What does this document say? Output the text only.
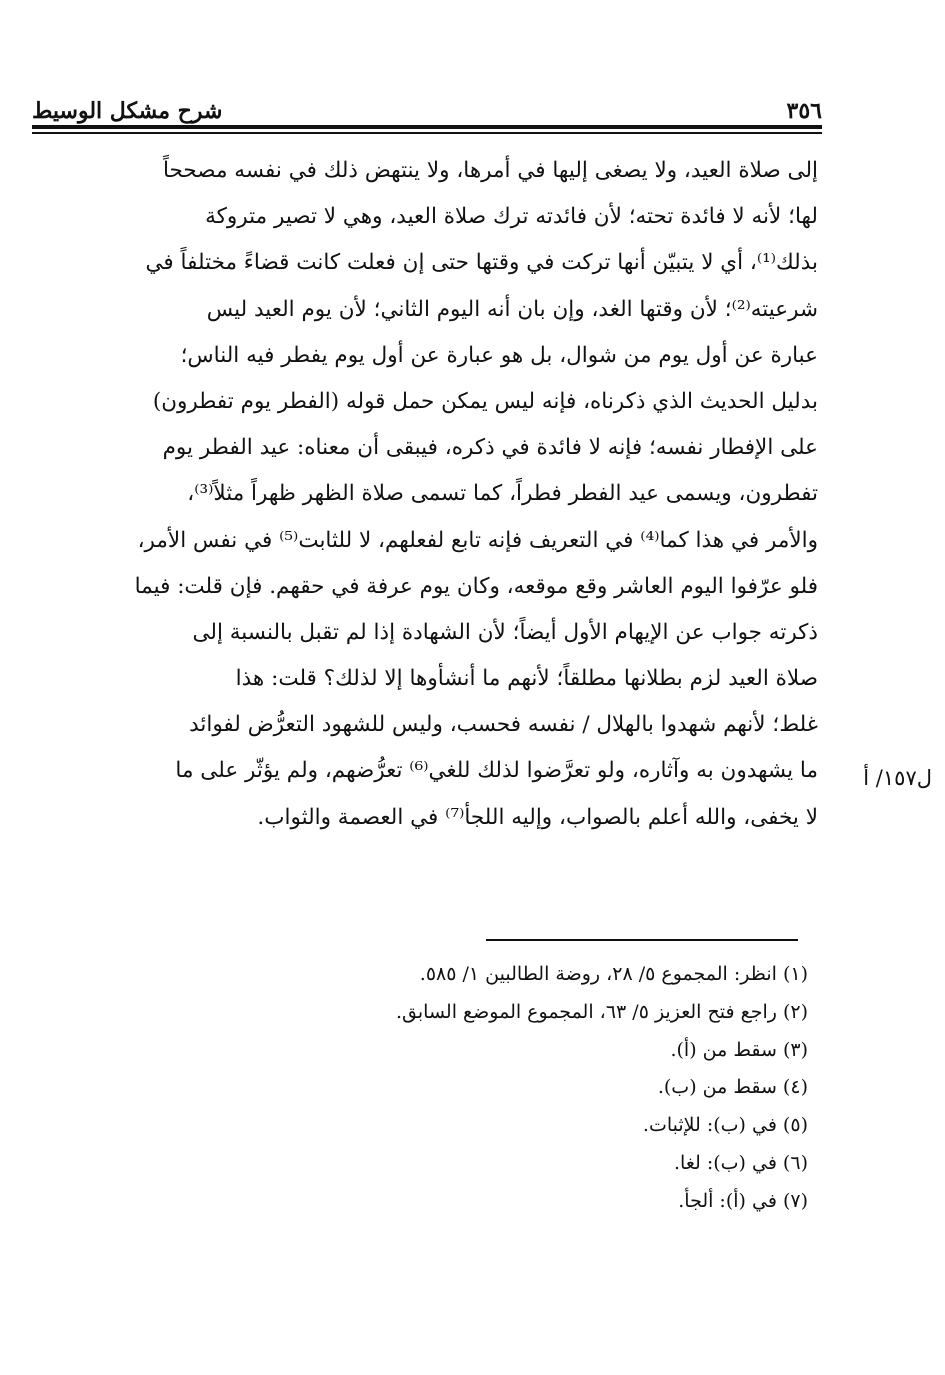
شرح مشكل الوسيط	٣٥٦
إلى صلاة العيد، ولا يصغى إليها في أمرها، ولا ينتهض ذلك في نفسه مصححاً
لها؛ لأنه لا فائدة تحته؛ لأن فائدته ترك صلاة العيد، وهي لا تصير متروكة
بذلك⁽¹⁾، أي لا يتبيّن أنها تركت في وقتها حتى إن فعلت كانت قضاءً مختلفاً في
شرعيته⁽²⁾؛ لأن وقتها الغد، وإن بان أنه اليوم الثاني؛ لأن يوم العيد ليس
عبارة عن أول يوم من شوال، بل هو عبارة عن أول يوم يفطر فيه الناس؛
بدليل الحديث الذي ذكرناه، فإنه ليس يمكن حمل قوله (الفطر يوم تفطرون)
على الإفطار نفسه؛ فإنه لا فائدة في ذكره، فيبقى أن معناه: عيد الفطر يوم
تفطرون، ويسمى عيد الفطر فطراً، كما تسمى صلاة الظهر ظهراً مثلاً⁽³⁾،
والأمر في هذا كما⁽⁴⁾ في التعريف فإنه تابع لفعلهم، لا للثابت⁽⁵⁾ في نفس الأمر،
فلو عرّفوا اليوم العاشر وقع موقعه، وكان يوم عرفة في حقهم. فإن قلت: فيما
ذكرته جواب عن الإيهام الأول أيضاً؛ لأن الشهادة إذا لم تقبل بالنسبة إلى
صلاة العيد لزم بطلانها مطلقاً؛ لأنهم ما أنشأوها إلا لذلك؟ قلت: هذا
غلط؛ لأنهم شهدوا بالهلال / نفسه فحسب، وليس للشهود التعرُّض لفوائد
ما يشهدون به وآثاره، ولو تعرَّضوا لذلك للغي⁽⁶⁾ تعرُّضهم، ولم يؤثّر على ما
لا يخفى، والله أعلم بالصواب، وإليه اللجأ⁽⁷⁾ في العصمة والثواب.
ل١٥٧/ أ
(١) انظر: المجموع ٥/ ٢٨، روضة الطالبين ١/ ٥٨٥.
(٢) راجع فتح العزيز ٥/ ٦٣، المجموع الموضع السابق.
(٣) سقط من (أ).
(٤) سقط من (ب).
(٥) في (ب): للإثبات.
(٦) في (ب): لغا.
(٧) في (أ): ألجأ.
